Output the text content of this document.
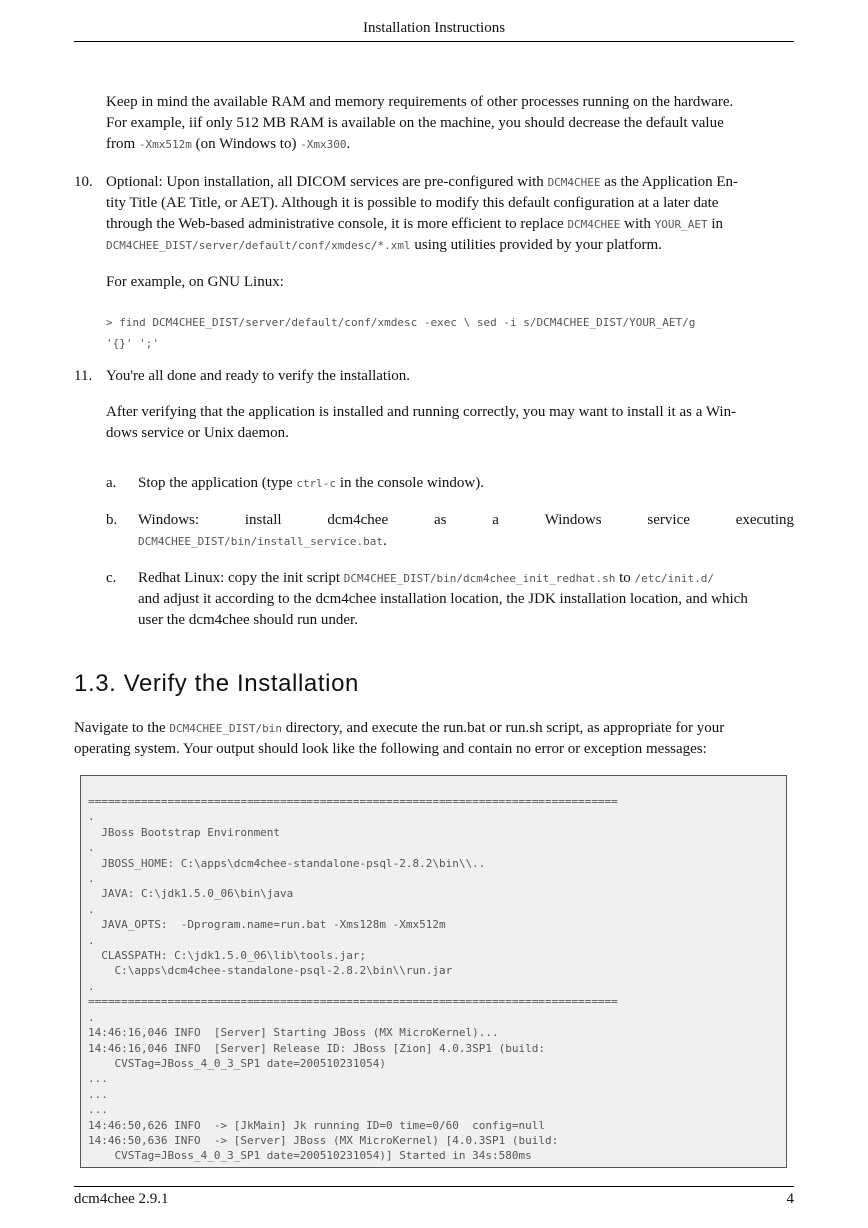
Installation Instructions
Keep in mind the available RAM and memory requirements of other processes running on the hardware.
For example, iif only 512 MB RAM is available on the machine, you should decrease the default value
from -Xmx512m (on Windows to) -Xmx300.
10. Optional: Upon installation, all DICOM services are pre-configured with DCM4CHEE as the Application En-
tity Title (AE Title, or AET). Although it is possible to modify this default configuration at a later date
through the Web-based administrative console, it is more efficient to replace DCM4CHEE with YOUR_AET in
DCM4CHEE_DIST/server/default/conf/xmdesc/*.xml using utilities provided by your platform.
For example, on GNU Linux:
> find DCM4CHEE_DIST/server/default/conf/xmdesc -exec \ sed -i s/DCM4CHEE_DIST/YOUR_AET/g
'{}' ';'
11. You're all done and ready to verify the installation.
After verifying that the application is installed and running correctly, you may want to install it as a Win-
dows service or Unix daemon.
a. Stop the application (type ctrl-c in the console window).
b. Windows:	install	dcm4chee	as	a	Windows	service	executing
DCM4CHEE_DIST/bin/install_service.bat.
c. Redhat Linux: copy the init script DCM4CHEE_DIST/bin/dcm4chee_init_redhat.sh to /etc/init.d/
and adjust it according to the dcm4chee installation location, the JDK installation location, and which
user the dcm4chee should run under.
1.3. Verify the Installation
Navigate to the DCM4CHEE_DIST/bin directory, and execute the run.bat or run.sh script, as appropriate for your
operating system. Your output should look like the following and contain no error or exception messages:
================================================================================
.
JBoss Bootstrap Environment
.
JBOSS_HOME: C:\apps\dcm4chee-standalone-psql-2.8.2\bin\\..
.
JAVA: C:\jdk1.5.0_06\bin\java
.
JAVA_OPTS:  -Dprogram.name=run.bat -Xms128m -Xmx512m
.
CLASSPATH: C:\jdk1.5.0_06\lib\tools.jar;
C:\apps\dcm4chee-standalone-psql-2.8.2\bin\\run.jar
.
================================================================================
.
14:46:16,046 INFO  [Server] Starting JBoss (MX MicroKernel)...
14:46:16,046 INFO  [Server] Release ID: JBoss [Zion] 4.0.3SP1 (build:
CVSTag=JBoss_4_0_3_SP1 date=200510231054)
...
...
...
14:46:50,626 INFO  -> [JkMain] Jk running ID=0 time=0/60  config=null
14:46:50,636 INFO  -> [Server] JBoss (MX MicroKernel) [4.0.3SP1 (build:
CVSTag=JBoss_4_0_3_SP1 date=200510231054)] Started in 34s:580ms
dcm4chee 2.9.1	4
